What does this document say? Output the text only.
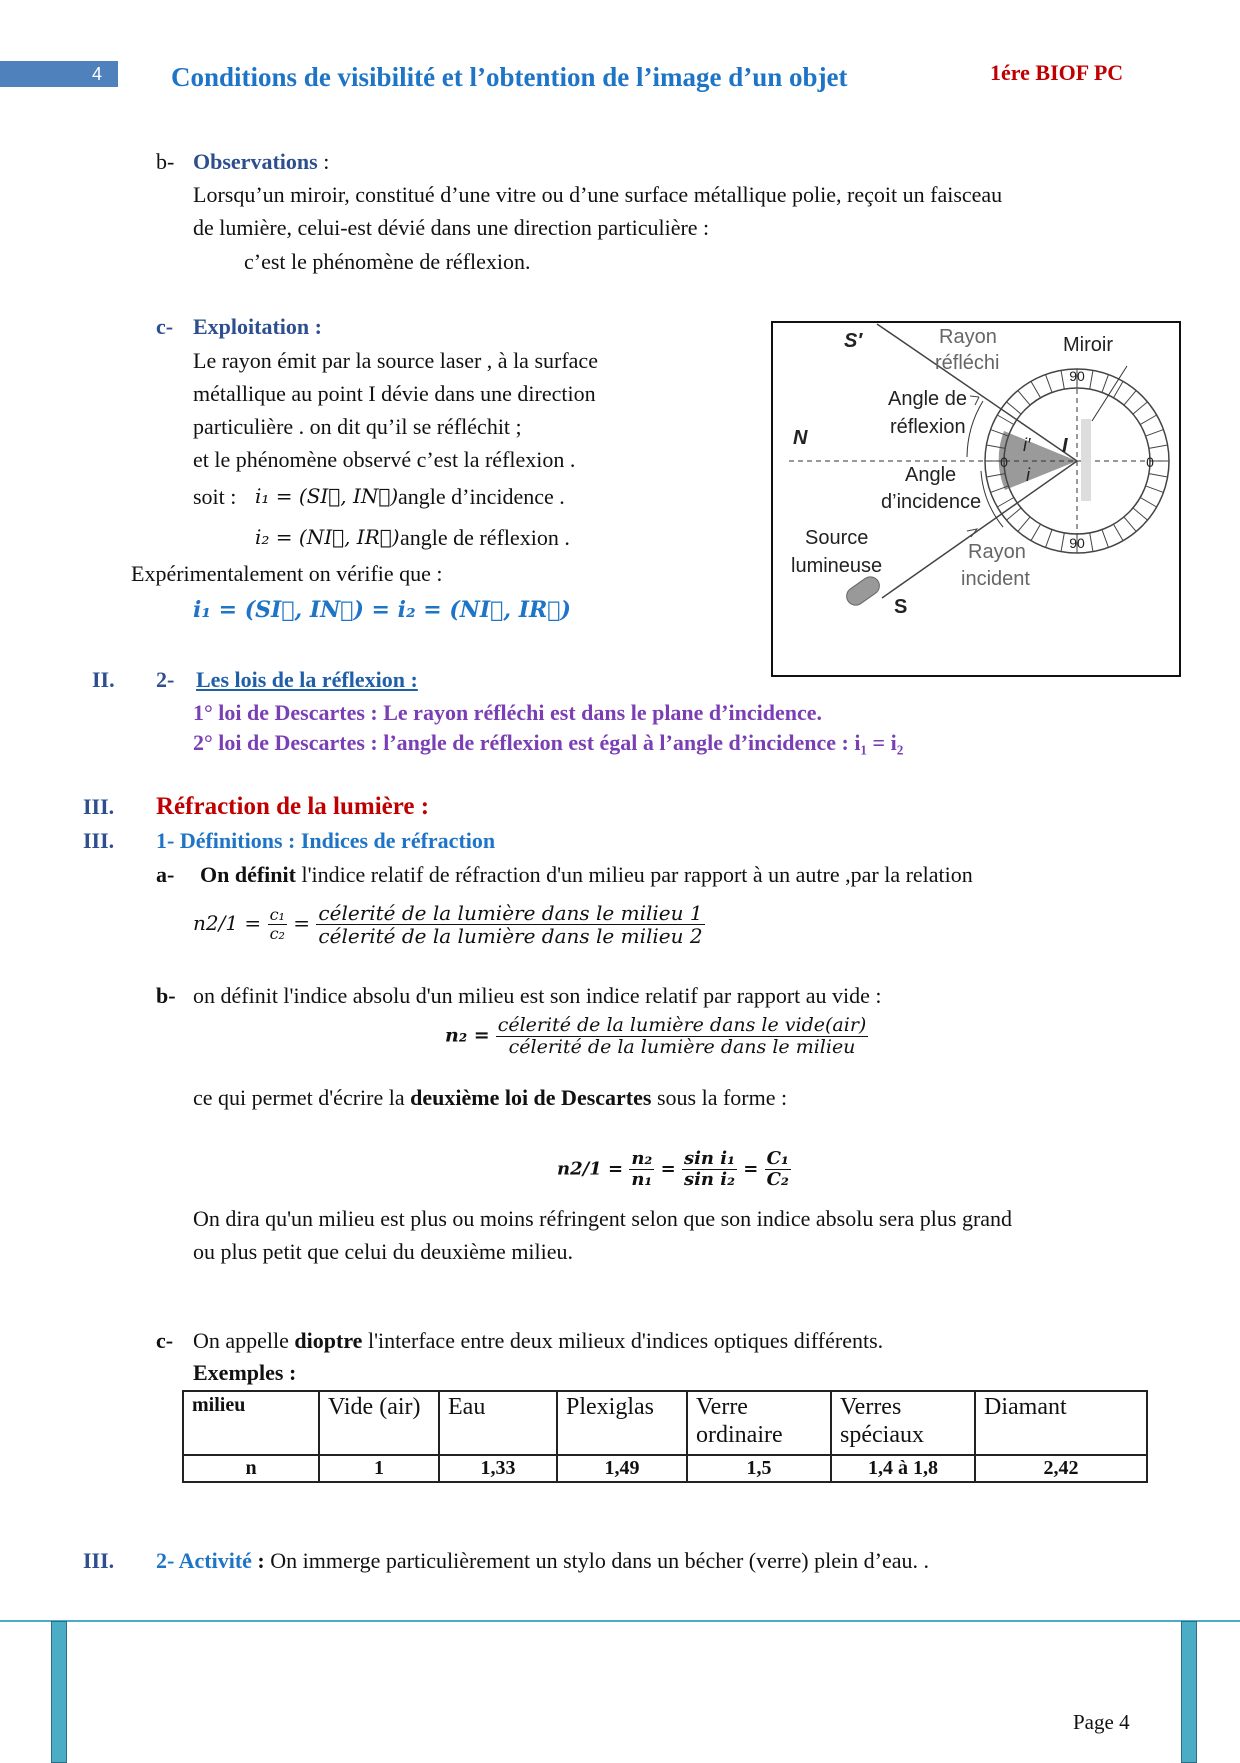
4	Conditions de visibilité et l’obtention de l’image d’un objet	1ére BIOF PC
b- Observations :
Lorsqu’un miroir, constitué d’une vitre ou d’une surface métallique polie, reçoit un faisceau
de lumière, celui-est dévié dans une direction particulière :
c’est le phénomène de réflexion.
c- Exploitation :
Le rayon émit par la source laser , à la surface
métallique au point I dévie dans une direction
particulière . on dit qu’il se réfléchit ;
et le phénomène observé c’est la réflexion .
soit : i₁ = (SI⃗, IN⃗) angle d’incidence .
i₂ = (NI⃗, IR⃗) angle de réflexion .
Expérimentalement on vérifie que :
i₁ = (SI⃗, IN⃗) = i₂ = (NI⃗, IR⃗)
S′	Rayon
réfléchi
Miroir
Angle de
réflexion
N
Angle
d’incidence
Source
lumineuse
Rayon
incident
S
i′
i
I
0	0
90
90
II. 2- Les lois de la réflexion :
1° loi de Descartes : Le rayon réfléchi est dans le plane d’incidence.
2° loi de Descartes : l’angle de réflexion est égal à l’angle d’incidence : i₁ = i₂
III. Réfraction de la lumière :
III. 1- Définitions : Indices de réfraction
a- On définit l'indice relatif de réfraction d'un milieu par rapport à un autre ,par la relation
$n2/1 = \frac{\text{c₁}}{\text{c₂}} = \frac{\text{célerité de la lumière dans le milieu 1}}{\text{célerité de la lumière dans le milieu 2}}$
b- on définit l'indice absolu d'un milieu est son indice relatif par rapport au vide :
$n_2 = \frac{\text{célerité de la lumière dans le vide(air)}}{\text{célerité de la lumière dans le milieu}}$
ce qui permet d'écrire la deuxième loi de Descartes sous la forme :
$n2/1 = \frac{\text{n₂}}{\text{n₁}} = \frac{\text{sin i₁}}{\text{sin i₂}} = \frac{\text{C₁}}{\text{C₂}}$
On dira qu'un milieu est plus ou moins réfringent selon que son indice absolu sera plus grand
ou plus petit que celui du deuxième milieu.
c- On appelle dioptre l'interface entre deux milieux d'indices optiques différents.
Exemples :
milieu	Vide (air)	Eau	Plexiglas	Verre ordinaire	Verres spéciaux	Diamant
n	1	1,33	1,49	1,5	1,4 à 1,8	2,42
III. 2- Activité : On immerge particulièrement un stylo dans un bécher (verre) plein d’eau. .
Page 4
